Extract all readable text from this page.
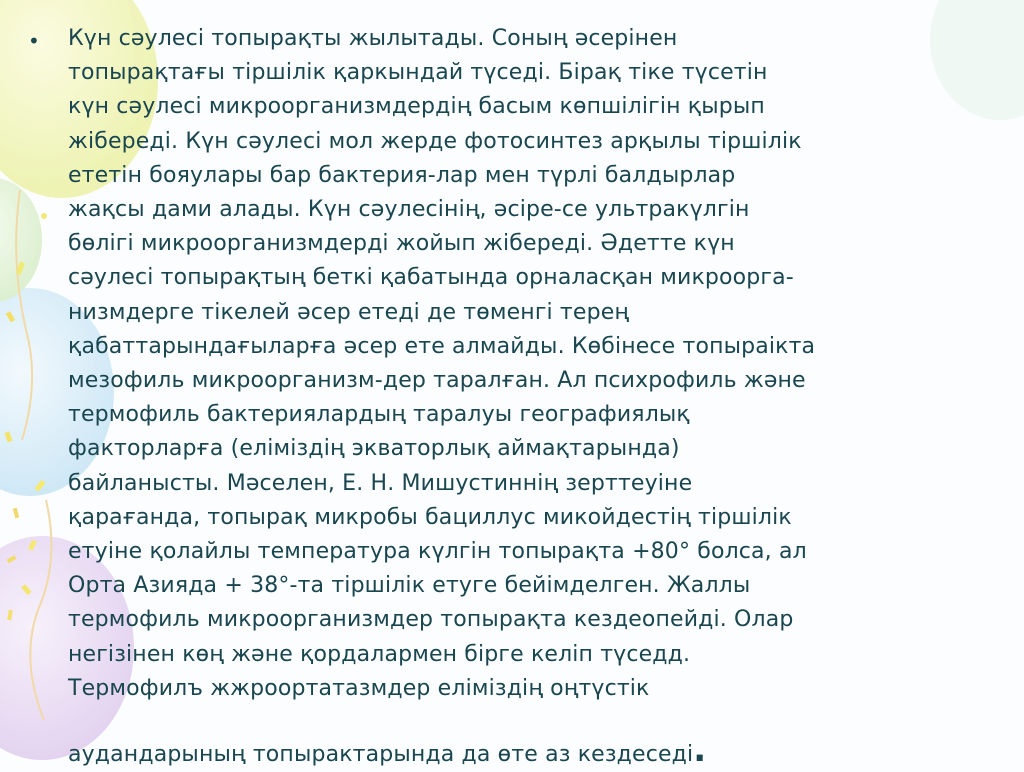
• Күн сәулесі топырақты жылытады. Соның әсерінен
топырақтағы тіршілік қаркындай түседі. Бірақ тіке түсетін
күн сәулесі микроорганизмдердің басым көпшілігін қырып
жібереді. Күн сәулесі мол жерде фотосинтез арқылы тіршілік
ететін бояулары бар бактерия-лар мен түрлі балдырлар
жақсы дами алады. Күн сәулесінің, әсіре-се ультракүлгін
бөлігі микроорганизмдерді жойып жібереді. Әдетте күн
сәулесі топырақтың беткі қабатында орналасқан микроорга-
низмдерге тікелей әсер етеді де төменгі терең
қабаттарындағыларға әсер ете алмайды. Көбінесе топыраікта
мезофиль микроорганизм-дер таралған. Ал психрофиль және
термофиль бактериялардың таралуы географиялық
факторларға (еліміздің экваторлық аймақтарында)
байланысты. Мәселен, Е. Н. Мишустиннің зерттеуіне
қарағанда, топырақ микробы бациллус микойдестің тіршілік
етуіне қолайлы температура күлгін топырақта +80° болса, ал
Орта Азияда + 38°-та тіршілік етуге бейімделген. Жаллы
термофиль микроорганизмдер топырақта кездеопейді. Олар
негізінен көң және қордалармен бірге келіп түседд.
Термофилъ жжроортатазмдер еліміздің оңтүстік
аудандарының топырактарында да өте аз кездеседі.
